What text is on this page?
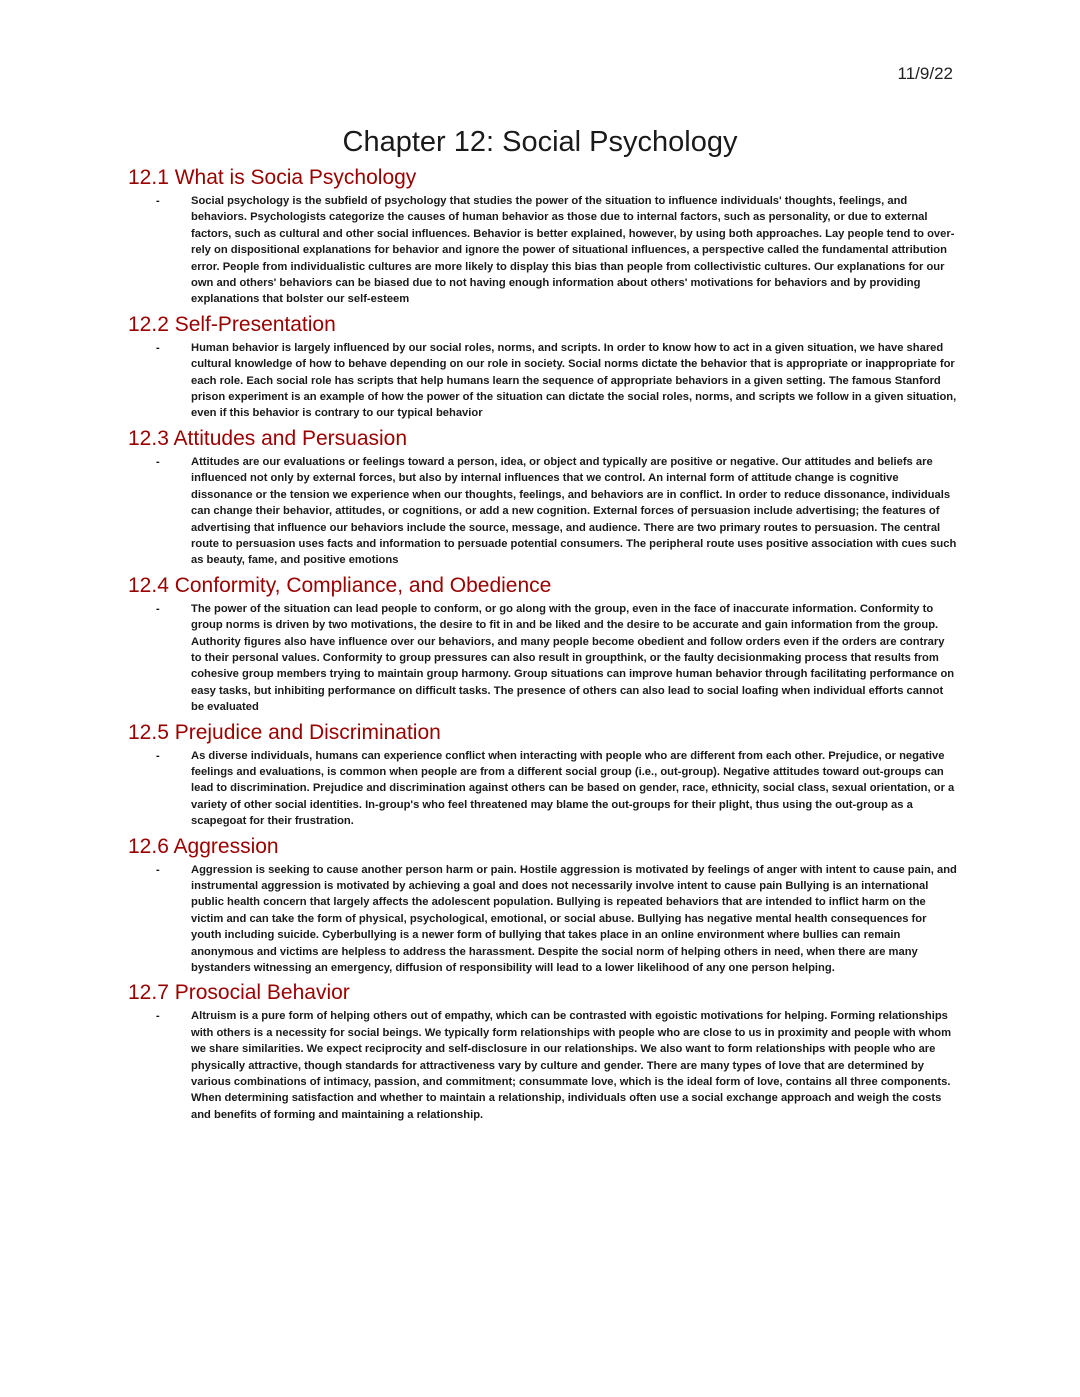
11/9/22
Chapter 12: Social Psychology
12.1 What is Socia Psychology
-	Social psychology is the subfield of psychology that studies the power of the situation to influence individuals' thoughts, feelings, and behaviors. Psychologists categorize the causes of human behavior as those due to internal factors, such as personality, or due to external factors, such as cultural and other social influences. Behavior is better explained, however, by using both approaches. Lay people tend to over-rely on dispositional explanations for behavior and ignore the power of situational influences, a perspective called the fundamental attribution error. People from individualistic cultures are more likely to display this bias than people from collectivistic cultures. Our explanations for our own and others' behaviors can be biased due to not having enough information about others' motivations for behaviors and by providing explanations that bolster our self-esteem

12.2 Self-Presentation
-	Human behavior is largely influenced by our social roles, norms, and scripts. In order to know how to act in a given situation, we have shared cultural knowledge of how to behave depending on our role in society. Social norms dictate the behavior that is appropriate or inappropriate for each role. Each social role has scripts that help humans learn the sequence of appropriate behaviors in a given setting. The famous Stanford prison experiment is an example of how the power of the situation can dictate the social roles, norms, and scripts we follow in a given situation, even if this behavior is contrary to our typical behavior

12.3 Attitudes and Persuasion
-	Attitudes are our evaluations or feelings toward a person, idea, or object and typically are positive or negative. Our attitudes and beliefs are influenced not only by external forces, but also by internal influences that we control. An internal form of attitude change is cognitive dissonance or the tension we experience when our thoughts, feelings, and behaviors are in conflict. In order to reduce dissonance, individuals can change their behavior, attitudes, or cognitions, or add a new cognition. External forces of persuasion include advertising; the features of advertising that influence our behaviors include the source, message, and audience. There are two primary routes to persuasion. The central route to persuasion uses facts and information to persuade potential consumers. The peripheral route uses positive association with cues such as beauty, fame, and positive emotions

12.4 Conformity, Compliance, and Obedience
-	The power of the situation can lead people to conform, or go along with the group, even in the face of inaccurate information. Conformity to group norms is driven by two motivations, the desire to fit in and be liked and the desire to be accurate and gain information from the group. Authority figures also have influence over our behaviors, and many people become obedient and follow orders even if the orders are contrary to their personal values. Conformity to group pressures can also result in groupthink, or the faulty decisionmaking process that results from cohesive group members trying to maintain group harmony. Group situations can improve human behavior through facilitating performance on easy tasks, but inhibiting performance on difficult tasks. The presence of others can also lead to social loafing when individual efforts cannot be evaluated

12.5 Prejudice and Discrimination
-	As diverse individuals, humans can experience conflict when interacting with people who are different from each other. Prejudice, or negative feelings and evaluations, is common when people are from a different social group (i.e., out-group). Negative attitudes toward out-groups can lead to discrimination. Prejudice and discrimination against others can be based on gender, race, ethnicity, social class, sexual orientation, or a variety of other social identities. In-group's who feel threatened may blame the out-groups for their plight, thus using the out-group as a scapegoat for their frustration.

12.6 Aggression
-	Aggression is seeking to cause another person harm or pain. Hostile aggression is motivated by feelings of anger with intent to cause pain, and instrumental aggression is motivated by achieving a goal and does not necessarily involve intent to cause pain Bullying is an international public health concern that largely affects the adolescent population. Bullying is repeated behaviors that are intended to inflict harm on the victim and can take the form of physical, psychological, emotional, or social abuse. Bullying has negative mental health consequences for youth including suicide. Cyberbullying is a newer form of bullying that takes place in an online environment where bullies can remain anonymous and victims are helpless to address the harassment. Despite the social norm of helping others in need, when there are many bystanders witnessing an emergency, diffusion of responsibility will lead to a lower likelihood of any one person helping.

12.7 Prosocial Behavior
-	Altruism is a pure form of helping others out of empathy, which can be contrasted with egoistic motivations for helping. Forming relationships with others is a necessity for social beings. We typically form relationships with people who are close to us in proximity and people with whom we share similarities. We expect reciprocity and self-disclosure in our relationships. We also want to form relationships with people who are physically attractive, though standards for attractiveness vary by culture and gender. There are many types of love that are determined by various combinations of intimacy, passion, and commitment; consummate love, which is the ideal form of love, contains all three components. When determining satisfaction and whether to maintain a relationship, individuals often use a social exchange approach and weigh the costs and benefits of forming and maintaining a relationship.
